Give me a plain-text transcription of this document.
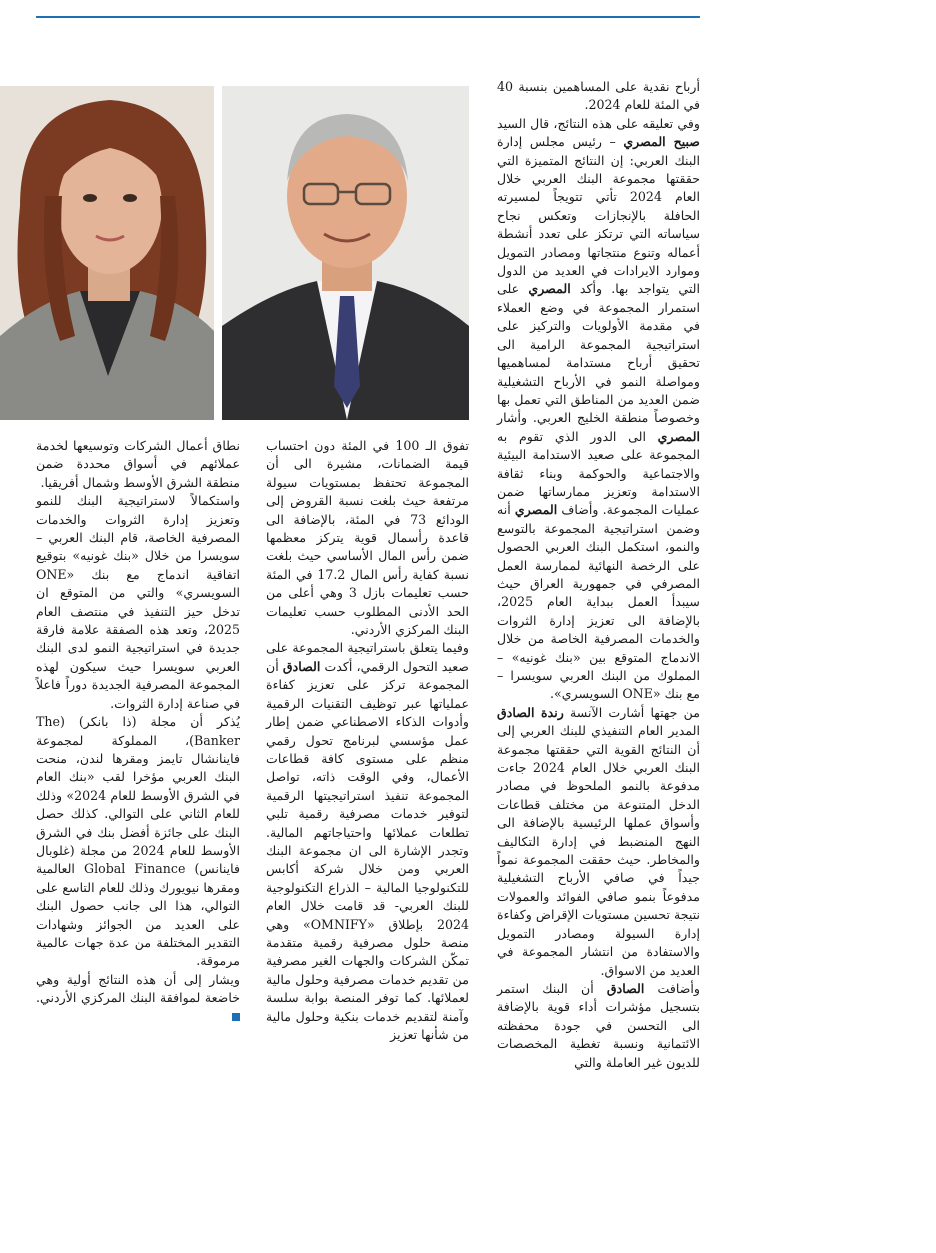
أرباح نقدية على المساهمين بنسبة 40 في المئة للعام 2024.

وفي تعليقه على هذه النتائج، قال السيد صبيح المصري – رئيس مجلس إدارة البنك العربي: إن النتائج المتميزة التي حققتها مجموعة البنك العربي خلال العام 2024 تأتي تتويجاً لمسيرته الحافلة بالإنجازات وتعكس نجاح سياساته التي ترتكز على تعدد أنشطة أعماله وتنوع منتجاتها ومصادر التمويل وموارد الايرادات في العديد من الدول التي يتواجد بها. وأكد المصري على استمرار المجموعة في وضع العملاء في مقدمة الأولويات والتركيز على استراتيجية المجموعة الرامية الى تحقيق أرباح مستدامة لمساهميها ومواصلة النمو في الأرباح التشغيلية ضمن العديد من المناطق التي تعمل بها وخصوصاً منطقة الخليج العربي. وأشار المصري الى الدور الذي تقوم به المجموعة على صعيد الاستدامة البيئية والاجتماعية والحوكمة وبناء ثقافة الاستدامة وتعزيز ممارساتها ضمن عمليات المجموعة. وأضاف المصري أنه وضمن استراتيجية المجموعة بالتوسع والنمو، استكمل البنك العربي الحصول على الرخصة النهائية لممارسة العمل المصرفي في جمهورية العراق حيث سيبدأ العمل ببداية العام 2025، بالإضافة الى تعزيز إدارة الثروات والخدمات المصرفية الخاصة من خلال الاندماج المتوقع بين «بنك غونيه» – المملوك من البنك العربي سويسرا – مع بنك «ONE السويسري».

من جهتها أشارت الآنسة رندة الصادق المدير العام التنفيذي للبنك العربي إلى أن النتائج القوية التي حققتها مجموعة البنك العربي خلال العام 2024 جاءت مدفوعة بالنمو الملحوظ في مصادر الدخل المتنوعة من مختلف قطاعات وأسواق عملها الرئيسية بالإضافة الى النهج المنضبط في إدارة التكاليف والمخاطر. حيث حققت المجموعة نمواً جيداً في صافي الأرباح التشغيلية مدفوعاً بنمو صافي الفوائد والعمولات نتيجة تحسين مستويات الإقراض وكفاءة إدارة السيولة ومصادر التمويل والاستفادة من انتشار المجموعة في العديد من الاسواق.

وأضافت الصادق أن البنك استمر بتسجيل مؤشرات أداء قوية بالإضافة الى التحسن في جودة محفظته الائتمانية ونسبة تغطية المخصصات للديون غير العاملة والتي

تفوق الـ 100 في المئة دون احتساب قيمة الضمانات، مشيرة الى أن المجموعة تحتفظ بمستويات سيولة مرتفعة حيث بلغت نسبة القروض إلى الودائع 73 في المئة، بالإضافة الى قاعدة رأسمال قوية يتركز معظمها ضمن رأس المال الأساسي حيث بلغت نسبة كفاية رأس المال 17.2 في المئة حسب تعليمات بازل 3 وهي أعلى من الحد الأدنى المطلوب حسب تعليمات البنك المركزي الأردني.

وفيما يتعلق باستراتيجية المجموعة على صعيد التحول الرقمي، أكدت الصادق أن المجموعة تركز على تعزيز كفاءة عملياتها عبر توظيف التقنيات الرقمية وأدوات الذكاء الاصطناعي ضمن إطار عمل مؤسسي لبرنامج تحول رقمي منظم على مستوى كافة قطاعات الأعمال، وفي الوقت ذاته، تواصل المجموعة تنفيذ استراتيجيتها الرقمية لتوفير خدمات مصرفية رقمية تلبي تطلعات عملائها واحتياجاتهم المالية. وتجدر الإشارة الى ان مجموعة البنك العربي ومن خلال شركة أكابس للتكنولوجيا المالية – الذراع التكنولوجية للبنك العربي- قد قامت خلال العام 2024 بإطلاق «OMNIFY» وهي منصة حلول مصرفية رقمية متقدمة تمكّن الشركات والجهات الغير مصرفية من تقديم خدمات مصرفية وحلول مالية لعملائها. كما توفر المنصة بوابة سلسة وآمنة لتقديم خدمات بنكية وحلول مالية من شأنها تعزيز

نطاق أعمال الشركات وتوسيعها لخدمة عملائهم في أسواق محددة ضمن منطقة الشرق الأوسط وشمال أفريقيا.

واستكمالاً لاستراتيجية البنك للنمو وتعزيز إدارة الثروات والخدمات المصرفية الخاصة، قام البنك العربي – سويسرا من خلال «بنك غونيه» بتوقيع اتفاقية اندماج مع بنك «ONE السويسري» والتي من المتوقع ان تدخل حيز التنفيذ في منتصف العام 2025، وتعد هذه الصفقة علامة فارقة جديدة في استراتيجية النمو لدى البنك العربي سويسرا حيث سيكون لهذه المجموعة المصرفية الجديدة دوراً فاعلاً في صناعة إدارة الثروات.

يُذكر أن مجلة (ذا بانكر) (The Banker)، المملوكة لمجموعة فاينانشال تايمز ومقرها لندن، منحت البنك العربي مؤخرا لقب «بنك العام في الشرق الأوسط للعام 2024» وذلك للعام الثاني على التوالي. كذلك حصل البنك على جائزة أفضل بنك في الشرق الأوسط للعام 2024 من مجلة (غلوبال فاينانس) Global Finance العالمية ومقرها نيويورك وذلك للعام التاسع على التوالي، هذا الى جانب حصول البنك على العديد من الجوائز وشهادات التقدير المختلفة من عدة جهات عالمية مرموقة.

ويشار إلى أن هذه النتائج أولية وهي خاضعة لموافقة البنك المركزي الأردني.
